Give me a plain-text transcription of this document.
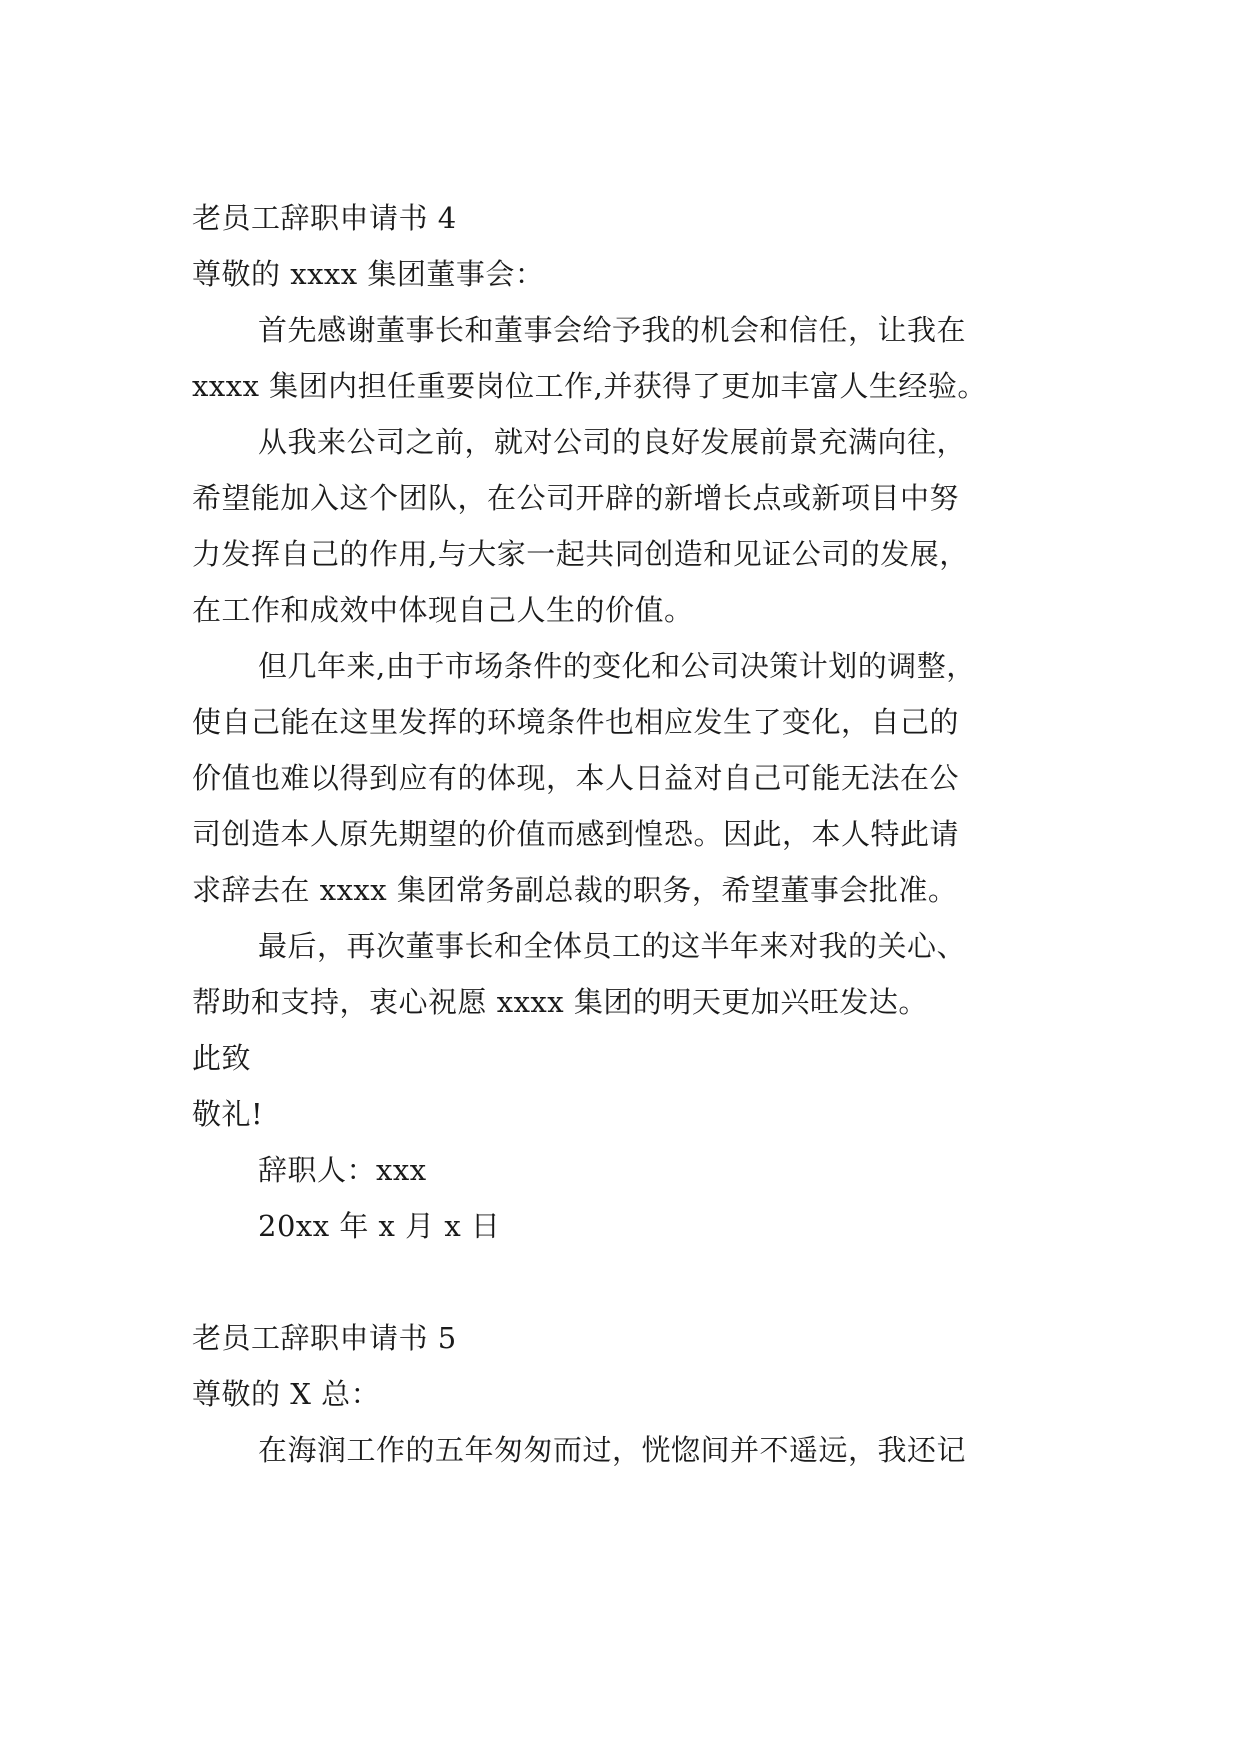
老员工辞职申请书 4
尊敬的 xxxx 集团董事会：
首先感谢董事长和董事会给予我的机会和信任，让我在
xxxx 集团内担任重要岗位工作,并获得了更加丰富人生经验。
从我来公司之前，就对公司的良好发展前景充满向往，
希望能加入这个团队，在公司开辟的新增长点或新项目中努
力发挥自己的作用,与大家一起共同创造和见证公司的发展，
在工作和成效中体现自己人生的价值。
但几年来,由于市场条件的变化和公司决策计划的调整，
使自己能在这里发挥的环境条件也相应发生了变化，自己的
价值也难以得到应有的体现，本人日益对自己可能无法在公
司创造本人原先期望的价值而感到惶恐。因此，本人特此请
求辞去在 xxxx 集团常务副总裁的职务，希望董事会批准。
最后，再次董事长和全体员工的这半年来对我的关心、
帮助和支持，衷心祝愿 xxxx 集团的明天更加兴旺发达。
此致
敬礼!
辞职人：xxx
20xx 年 x 月 x 日
老员工辞职申请书 5
尊敬的 X 总：
在海润工作的五年匆匆而过，恍惚间并不遥远，我还记
